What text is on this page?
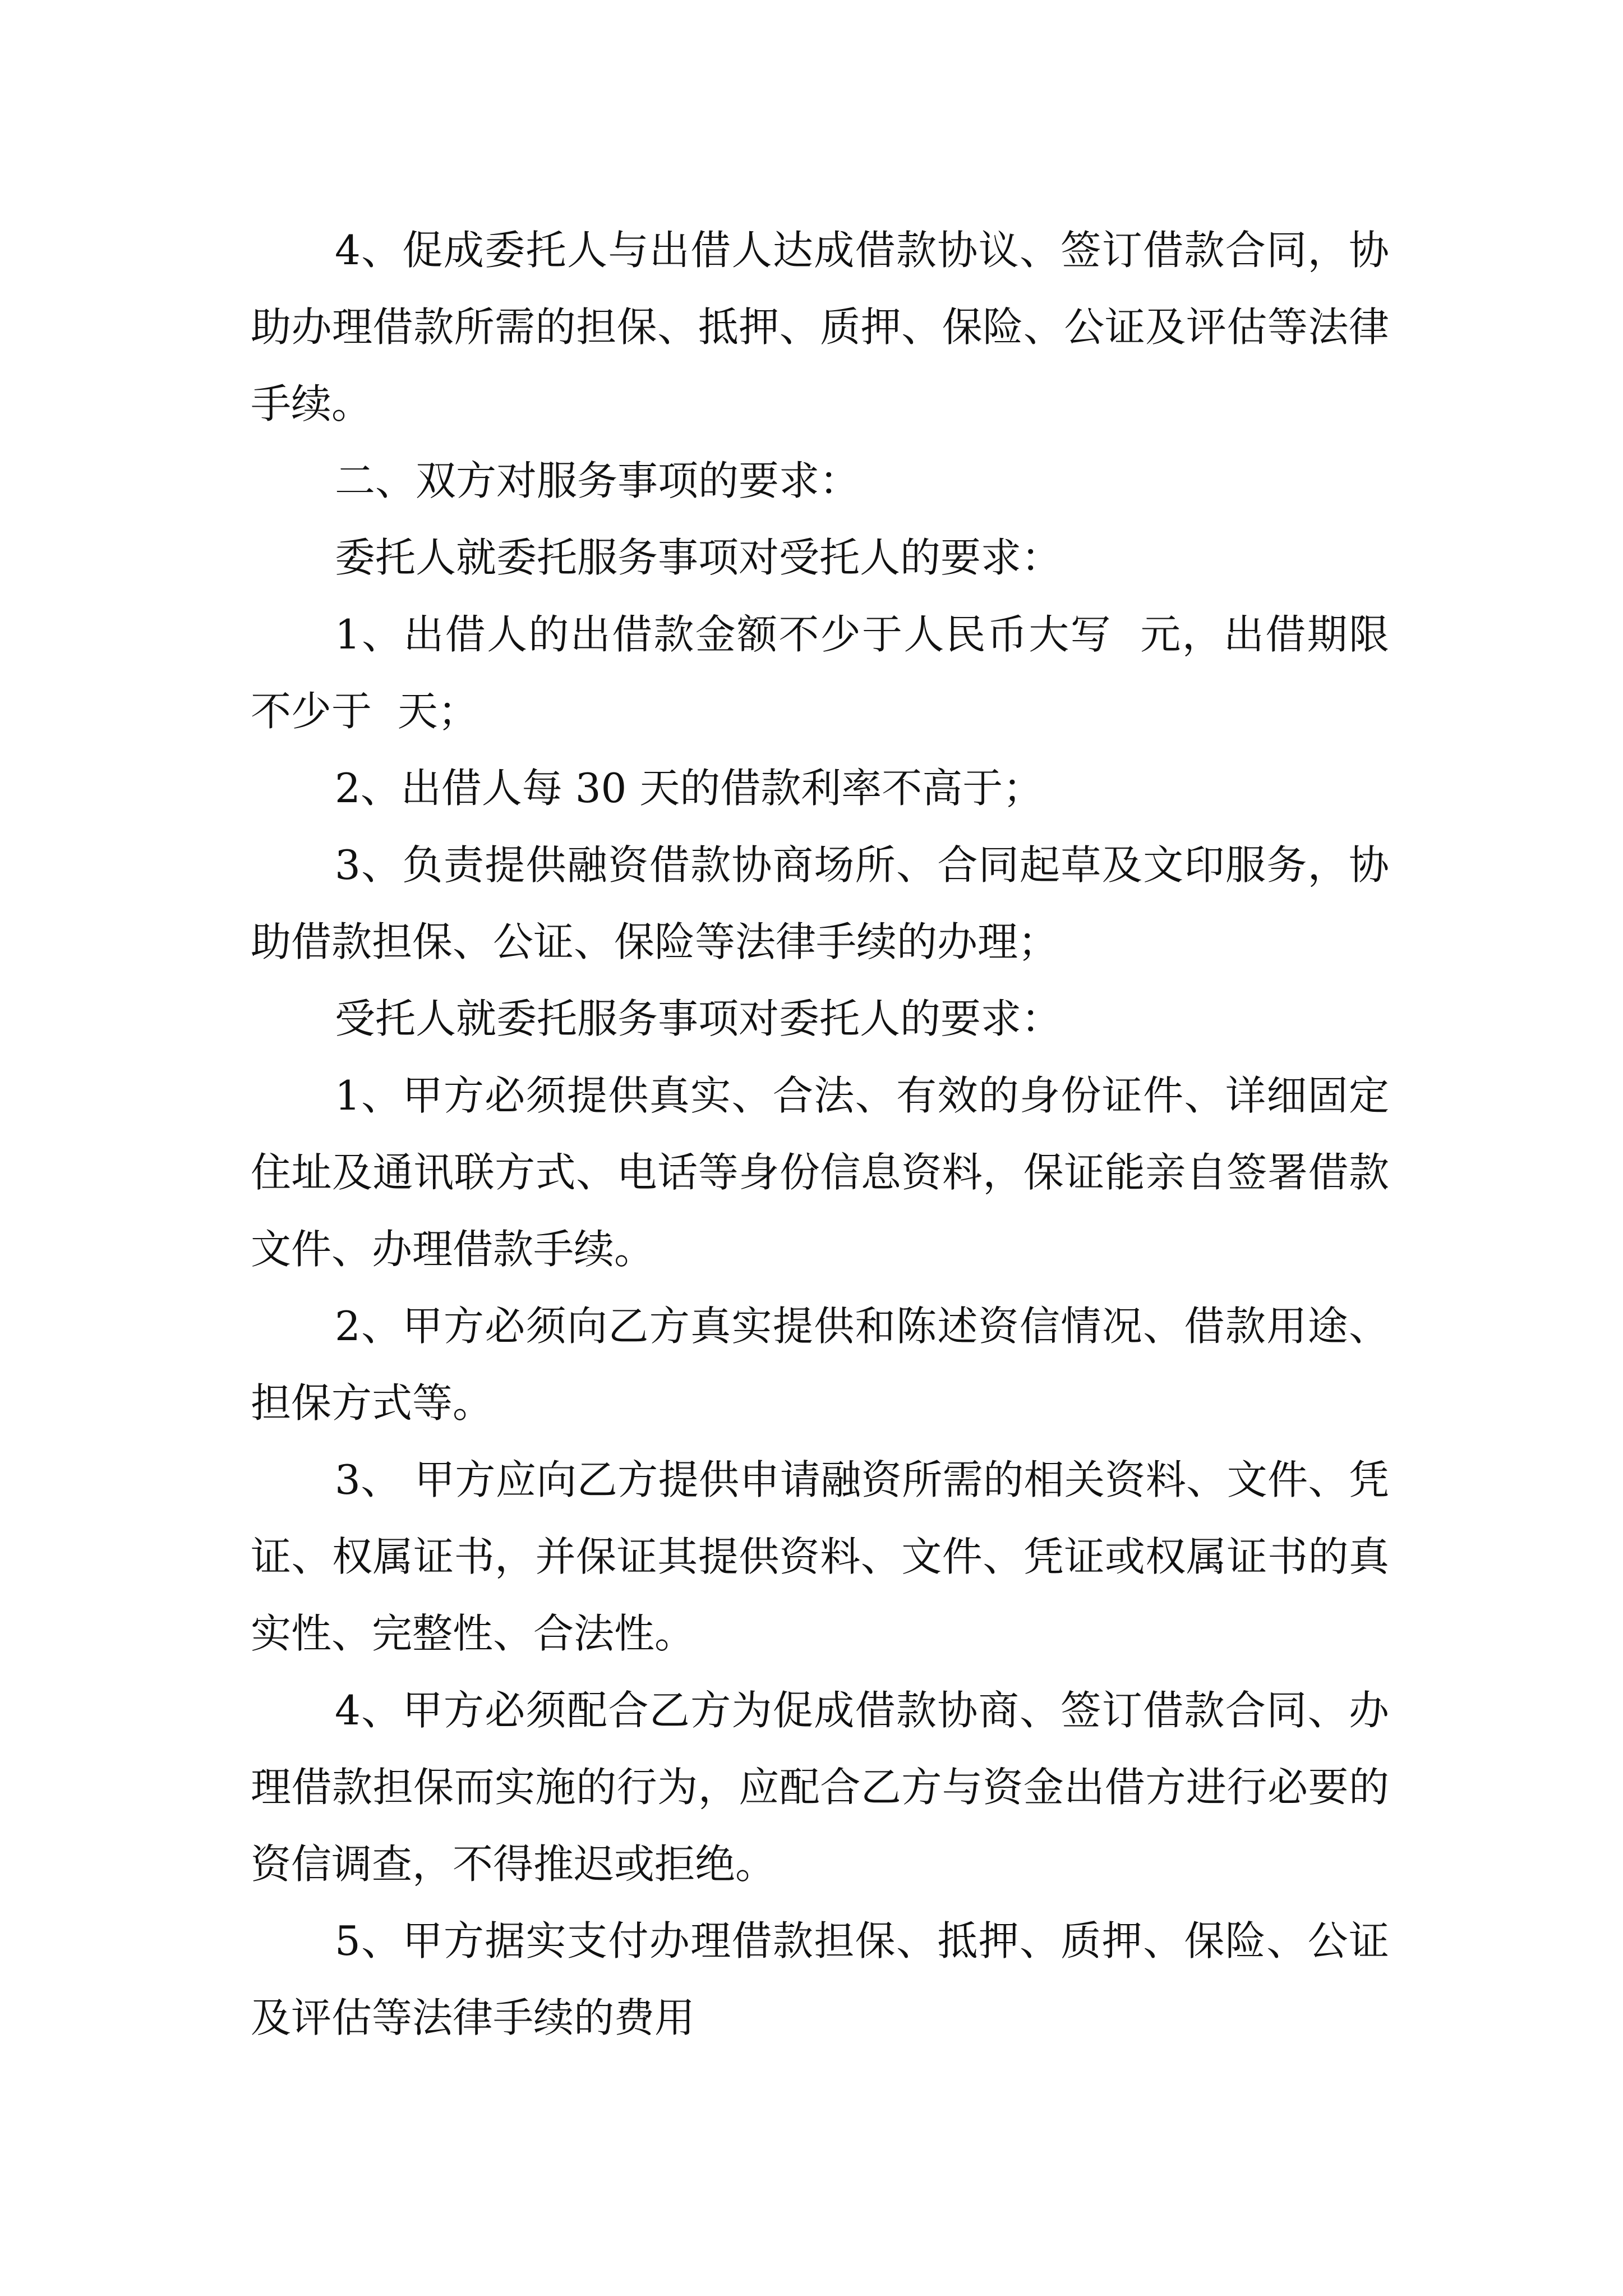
4、促成委托人与出借人达成借款协议、签订借款合同，协助办理借款所需的担保、抵押、质押、保险、公证及评估等法律手续。

二、双方对服务事项的要求：

委托人就委托服务事项对受托人的要求：

1、出借人的出借款金额不少于人民币大写  元，出借期限不少于  天；

2、出借人每 30 天的借款利率不高于；

3、负责提供融资借款协商场所、合同起草及文印服务，协助借款担保、公证、保险等法律手续的办理；

受托人就委托服务事项对委托人的要求：

1、甲方必须提供真实、合法、有效的身份证件、详细固定住址及通讯联方式、电话等身份信息资料，保证能亲自签署借款文件、办理借款手续。

2、甲方必须向乙方真实提供和陈述资信情况、借款用途、担保方式等。

3、 甲方应向乙方提供申请融资所需的相关资料、文件、凭证、权属证书，并保证其提供资料、文件、凭证或权属证书的真实性、完整性、合法性。

4、甲方必须配合乙方为促成借款协商、签订借款合同、办理借款担保而实施的行为，应配合乙方与资金出借方进行必要的资信调查，不得推迟或拒绝。

5、甲方据实支付办理借款担保、抵押、质押、保险、公证及评估等法律手续的费用
